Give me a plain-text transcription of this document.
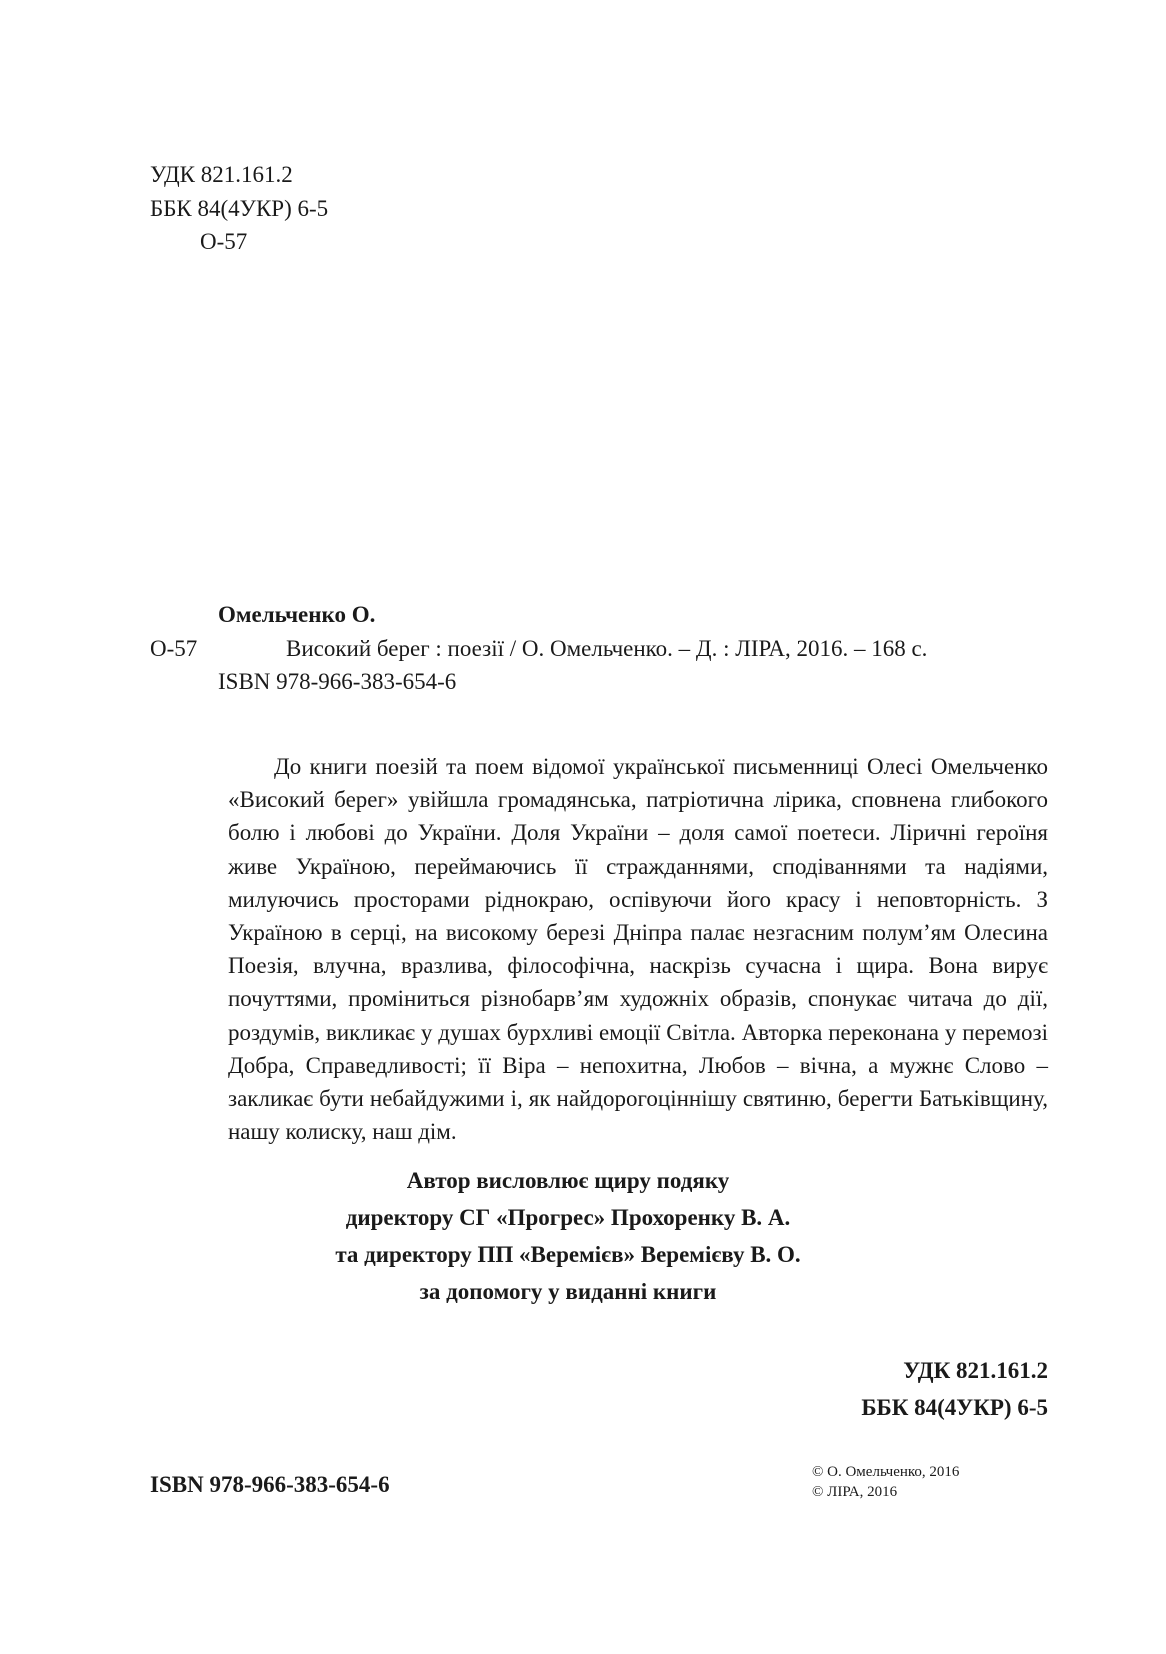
УДК 821.161.2
ББК 84(4УКР) 6-5
О-57
Омельченко О.
О-57	Високий берег : поезії / О. Омельченко. – Д. : ЛІРА, 2016. – 168 с.
ISBN 978-966-383-654-6

До книги поезій та поем відомої української письменниці Олесі Омельченко «Високий берег» увійшла громадянська, патріотична лірика, сповнена глибокого болю і любові до України. Доля України – доля самої поетеси. Ліричні героїня живе Україною, переймаючись її стражданнями, сподіваннями та надіями, милуючись просторами ріднокраю, оспівуючи його красу і неповторність. З Україною в серці, на високому березі Дніпра палає незгасним полум’ям Олесина Поезія, влучна, вразлива, філософічна, наскрізь сучасна і щира. Вона вирує почуттями, проміниться різнобарв’ям художніх образів, спонукає читача до дії, роздумів, викликає у душах бурхливі емоції Світла. Авторка переконана у перемозі Добра, Справедливості; її Віра – непохитна, Любов – вічна, а мужнє Слово – закликає бути небайдужими і, як найдорогоціннішу святиню, берегти Батьківщину, нашу колиску, наш дім.

Автор висловлює щиру подяку
директору СГ «Прогрес» Прохоренку В. А.
та директору ПП «Веремієв» Веремієву В. О.
за допомогу у виданні книги
УДК 821.161.2
ББК 84(4УКР) 6-5
ISBN 978-966-383-654-6	© О. Омельченко, 2016
© ЛІРА, 2016
